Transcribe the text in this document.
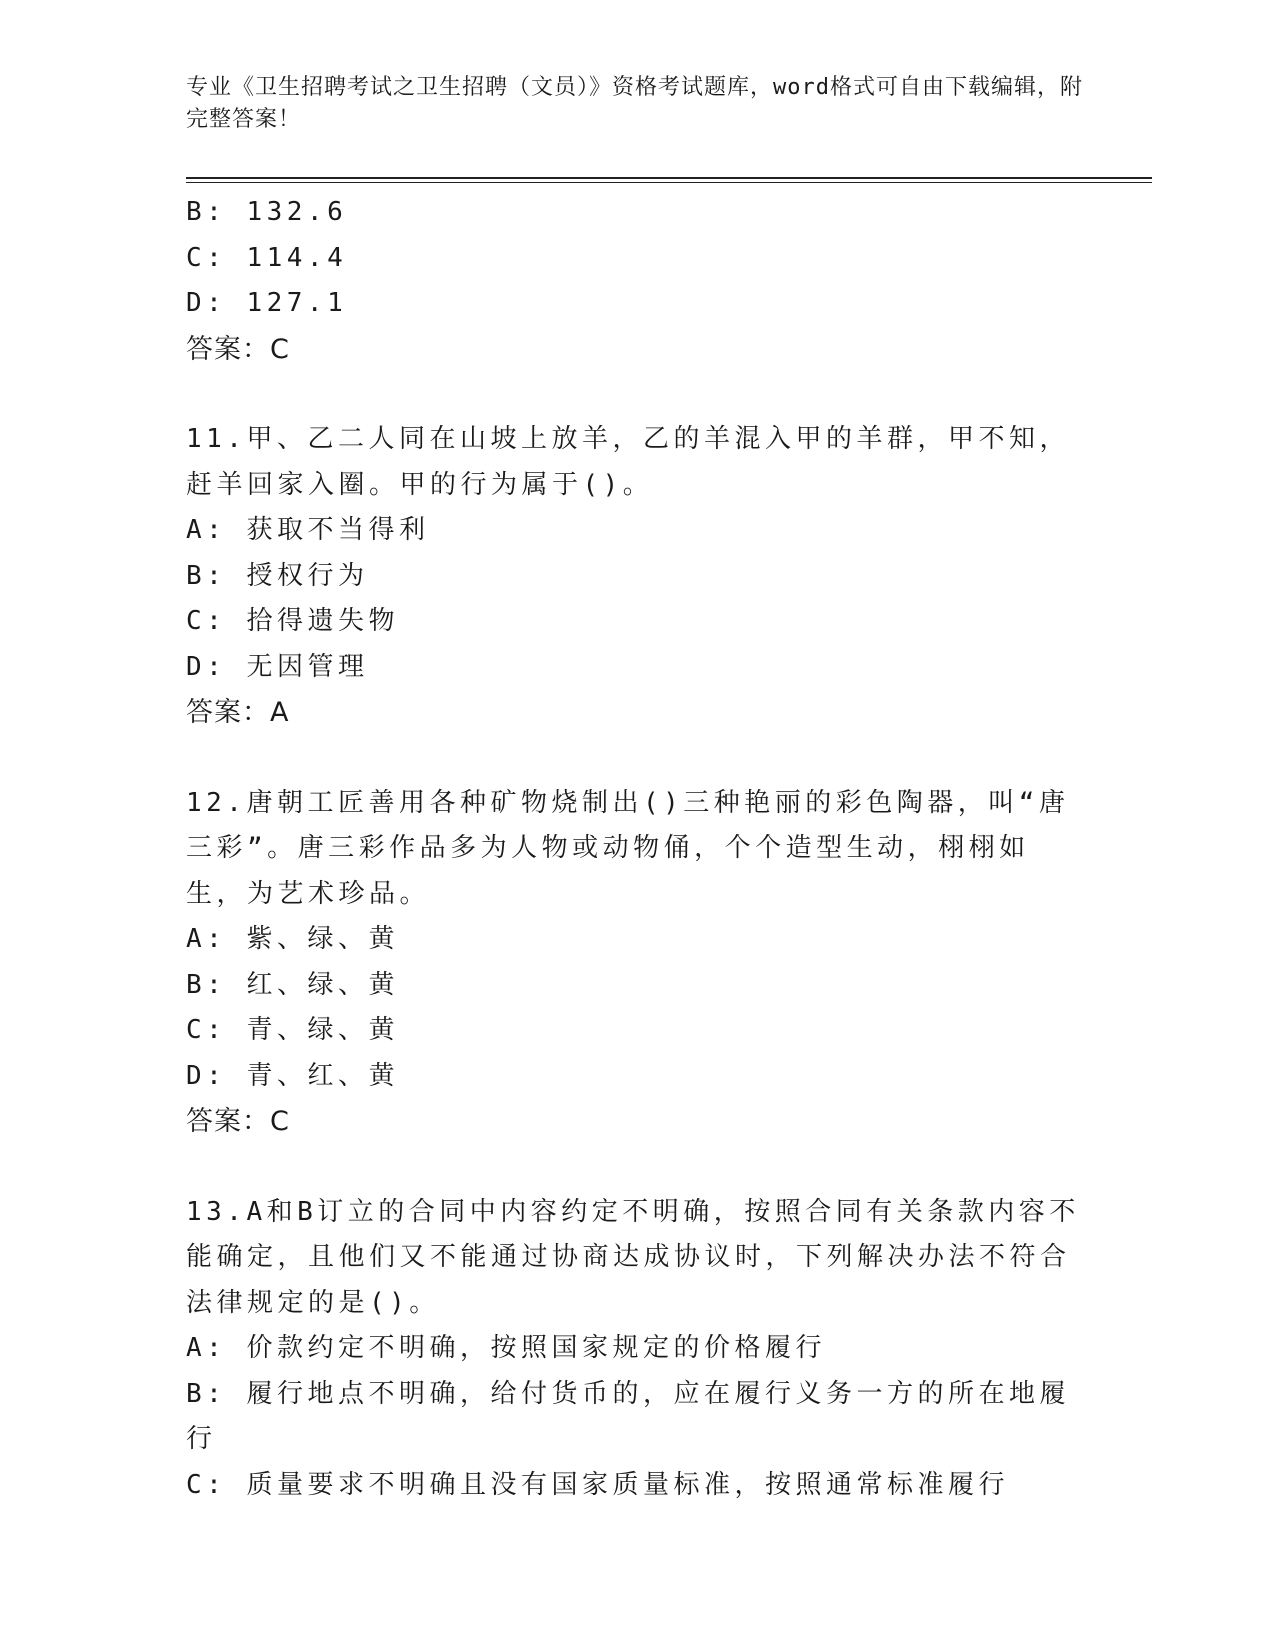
专业《卫生招聘考试之卫生招聘（文员）》资格考试题库，word格式可自由下载编辑，附完整答案！
B: 132.6
C: 114.4
D: 127.1
答案：C
11.甲、乙二人同在山坡上放羊，乙的羊混入甲的羊群，甲不知，赶羊回家入圈。甲的行为属于()。
A: 获取不当得利
B: 授权行为
C: 拾得遗失物
D: 无因管理
答案：A
12.唐朝工匠善用各种矿物烧制出()三种艳丽的彩色陶器，叫“唐三彩”。唐三彩作品多为人物或动物俑，个个造型生动，栩栩如生，为艺术珍品。
A: 紫、绿、黄
B: 红、绿、黄
C: 青、绿、黄
D: 青、红、黄
答案：C
13.A和B订立的合同中内容约定不明确，按照合同有关条款内容不能确定，且他们又不能通过协商达成协议时，下列解决办法不符合法律规定的是()。
A: 价款约定不明确，按照国家规定的价格履行
B: 履行地点不明确，给付货币的，应在履行义务一方的所在地履行
C: 质量要求不明确且没有国家质量标准，按照通常标准履行
